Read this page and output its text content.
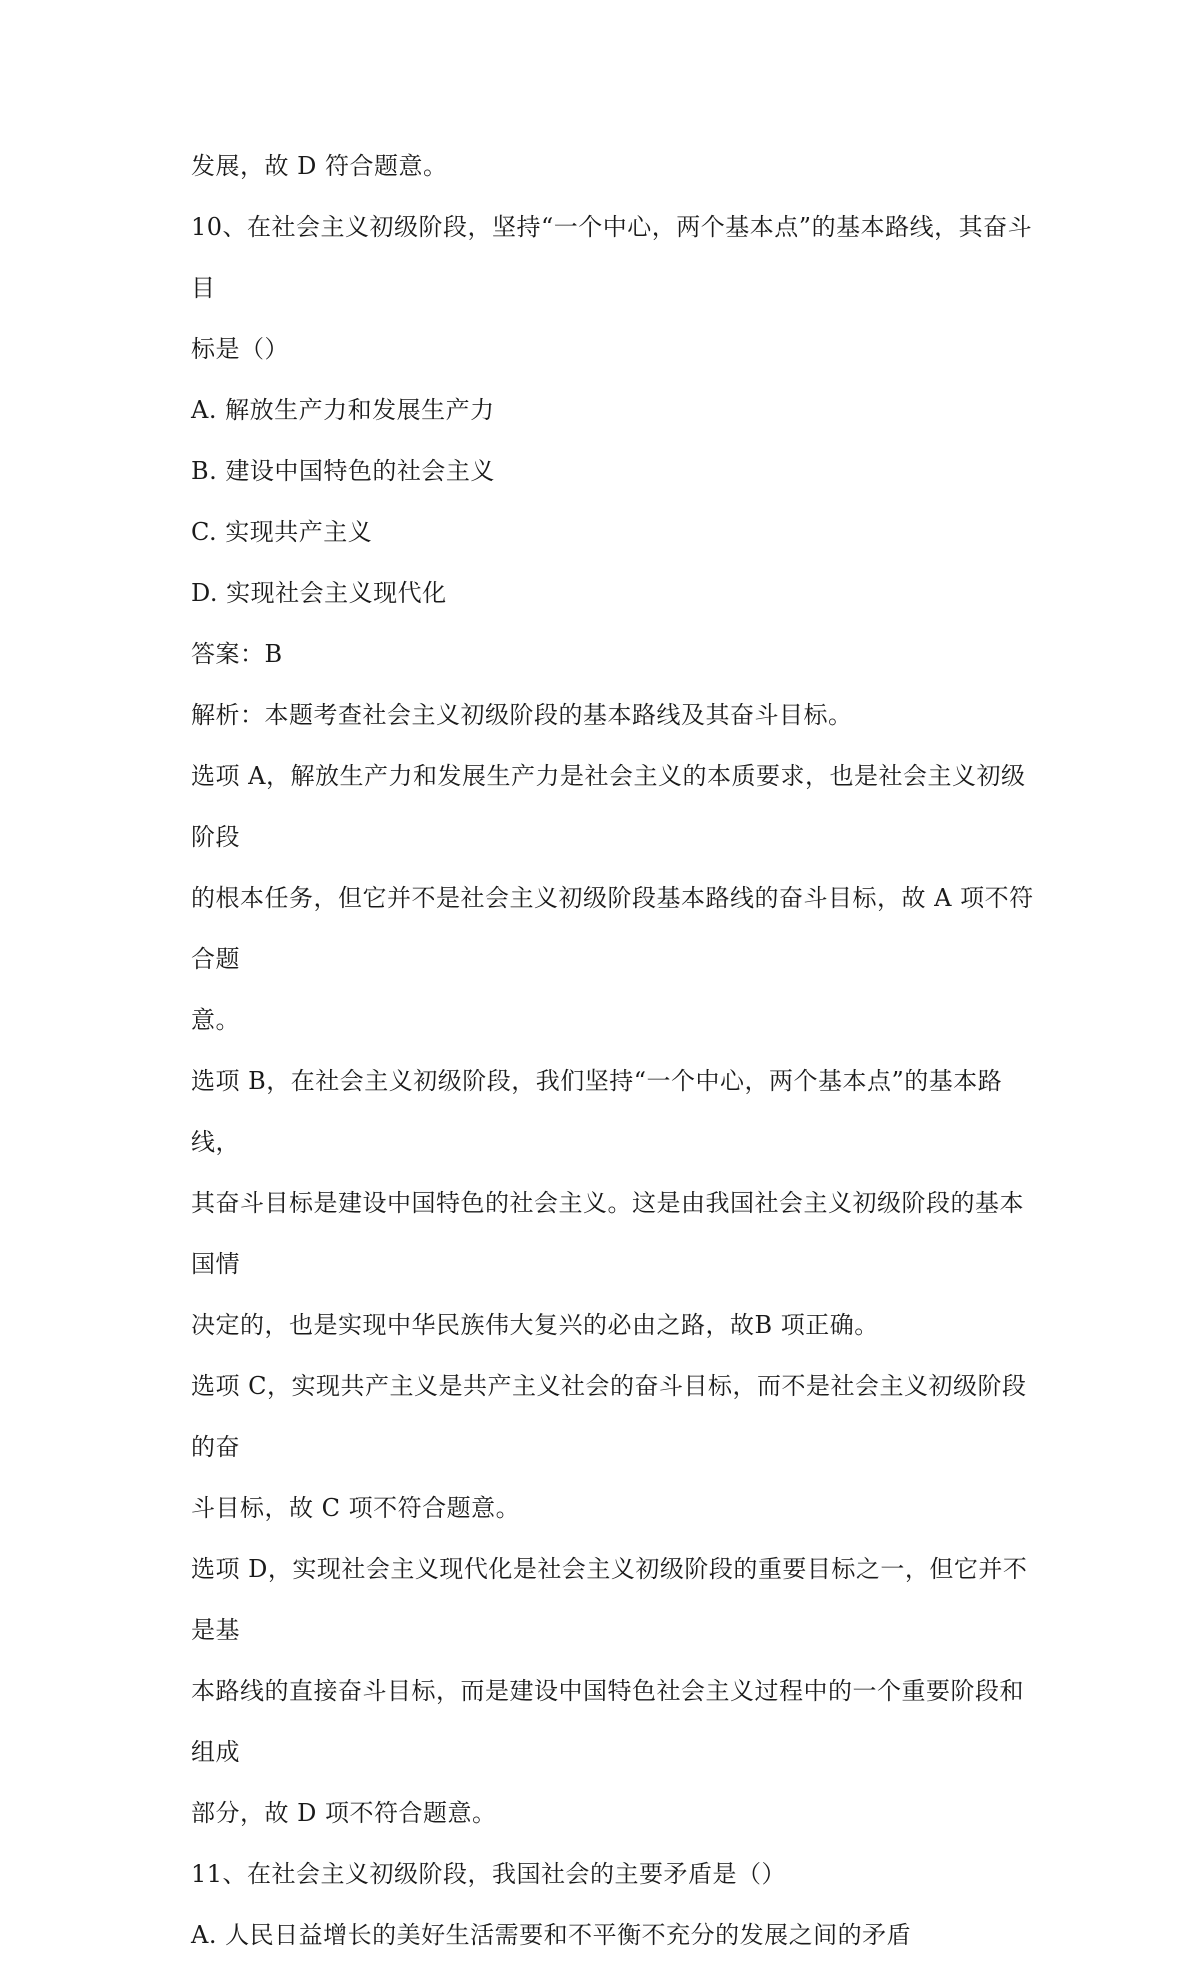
发展，故 D 符合题意。

10、在社会主义初级阶段，坚持“一个中心，两个基本点”的基本路线，其奋斗目

标是（）

A. 解放生产力和发展生产力

B. 建设中国特色的社会主义

C. 实现共产主义

D. 实现社会主义现代化

答案：B

解析：本题考查社会主义初级阶段的基本路线及其奋斗目标。

选项 A，解放生产力和发展生产力是社会主义的本质要求，也是社会主义初级阶段

的根本任务，但它并不是社会主义初级阶段基本路线的奋斗目标，故 A 项不符合题

意。

选项 B，在社会主义初级阶段，我们坚持“一个中心，两个基本点”的基本路线，

其奋斗目标是建设中国特色的社会主义。这是由我国社会主义初级阶段的基本国情

决定的，也是实现中华民族伟大复兴的必由之路，故B 项正确。

选项 C，实现共产主义是共产主义社会的奋斗目标，而不是社会主义初级阶段的奋

斗目标，故 C 项不符合题意。

选项 D，实现社会主义现代化是社会主义初级阶段的重要目标之一，但它并不是基

本路线的直接奋斗目标，而是建设中国特色社会主义过程中的一个重要阶段和组成

部分，故 D 项不符合题意。

11、在社会主义初级阶段，我国社会的主要矛盾是（）

A. 人民日益增长的美好生活需要和不平衡不充分的发展之间的矛盾
